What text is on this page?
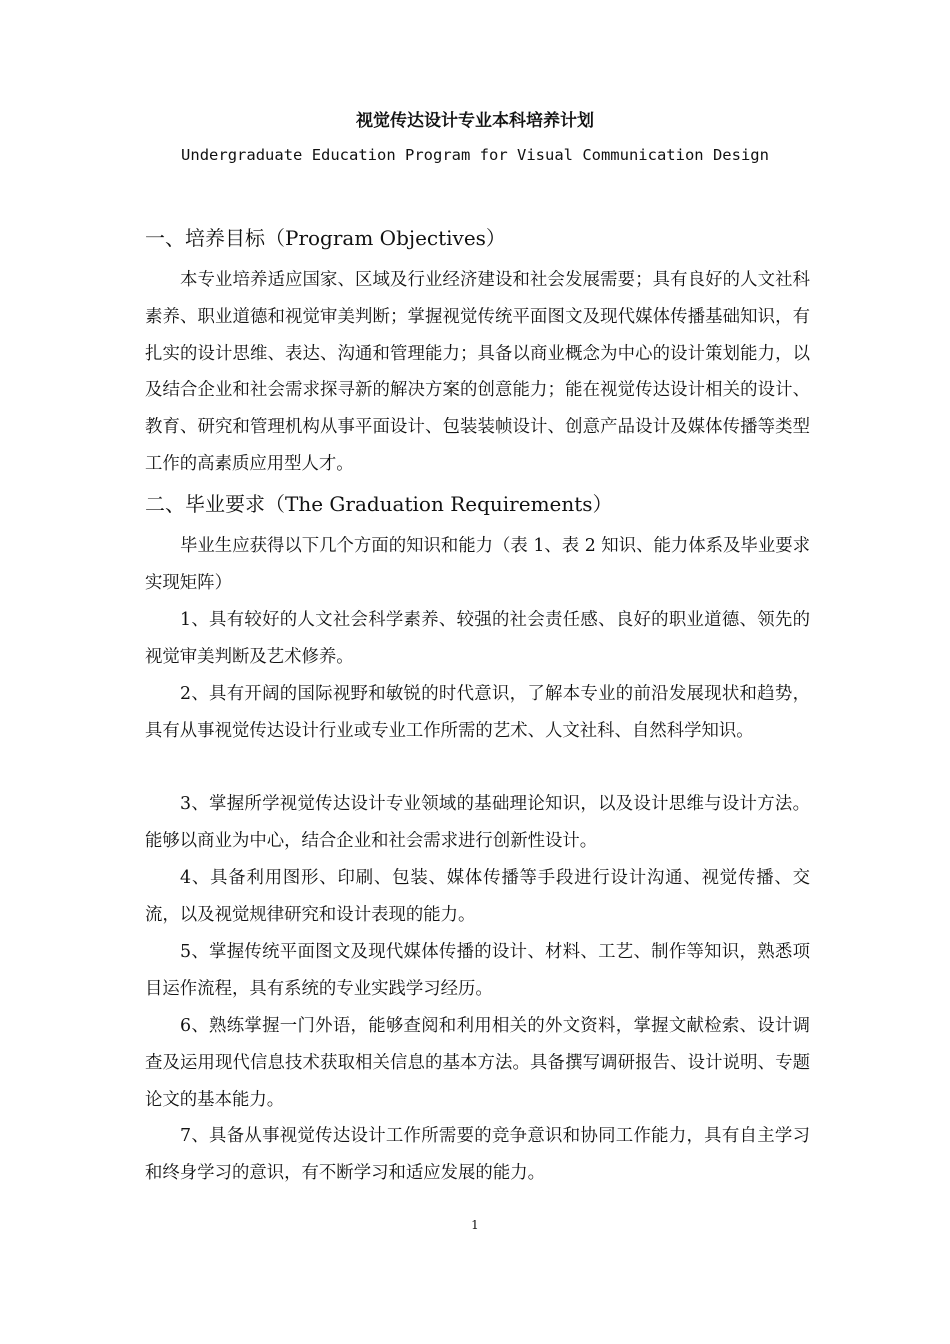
视觉传达设计专业本科培养计划
Undergraduate Education Program for Visual Communication Design
一、培养目标（Program Objectives）

本专业培养适应国家、区域及行业经济建设和社会发展需要；具有良好的人文社科素养、职业道德和视觉审美判断；掌握视觉传统平面图文及现代媒体传播基础知识，有扎实的设计思维、表达、沟通和管理能力；具备以商业概念为中心的设计策划能力，以及结合企业和社会需求探寻新的解决方案的创意能力；能在视觉传达设计相关的设计、教育、研究和管理机构从事平面设计、包装装帧设计、创意产品设计及媒体传播等类型工作的高素质应用型人才。

二、毕业要求（The Graduation Requirements）

毕业生应获得以下几个方面的知识和能力（表 1、表 2 知识、能力体系及毕业要求实现矩阵）

1、具有较好的人文社会科学素养、较强的社会责任感、良好的职业道德、领先的视觉审美判断及艺术修养。

2、具有开阔的国际视野和敏锐的时代意识，了解本专业的前沿发展现状和趋势，具有从事视觉传达设计行业或专业工作所需的艺术、人文社科、自然科学知识。

3、掌握所学视觉传达设计专业领域的基础理论知识，以及设计思维与设计方法。能够以商业为中心，结合企业和社会需求进行创新性设计。

4、具备利用图形、印刷、包装、媒体传播等手段进行设计沟通、视觉传播、交流，以及视觉规律研究和设计表现的能力。

5、掌握传统平面图文及现代媒体传播的设计、材料、工艺、制作等知识，熟悉项目运作流程，具有系统的专业实践学习经历。

6、熟练掌握一门外语，能够查阅和利用相关的外文资料，掌握文献检索、设计调查及运用现代信息技术获取相关信息的基本方法。具备撰写调研报告、设计说明、专题论文的基本能力。

7、具备从事视觉传达设计工作所需要的竞争意识和协同工作能力，具有自主学习和终身学习的意识，有不断学习和适应发展的能力。

1
